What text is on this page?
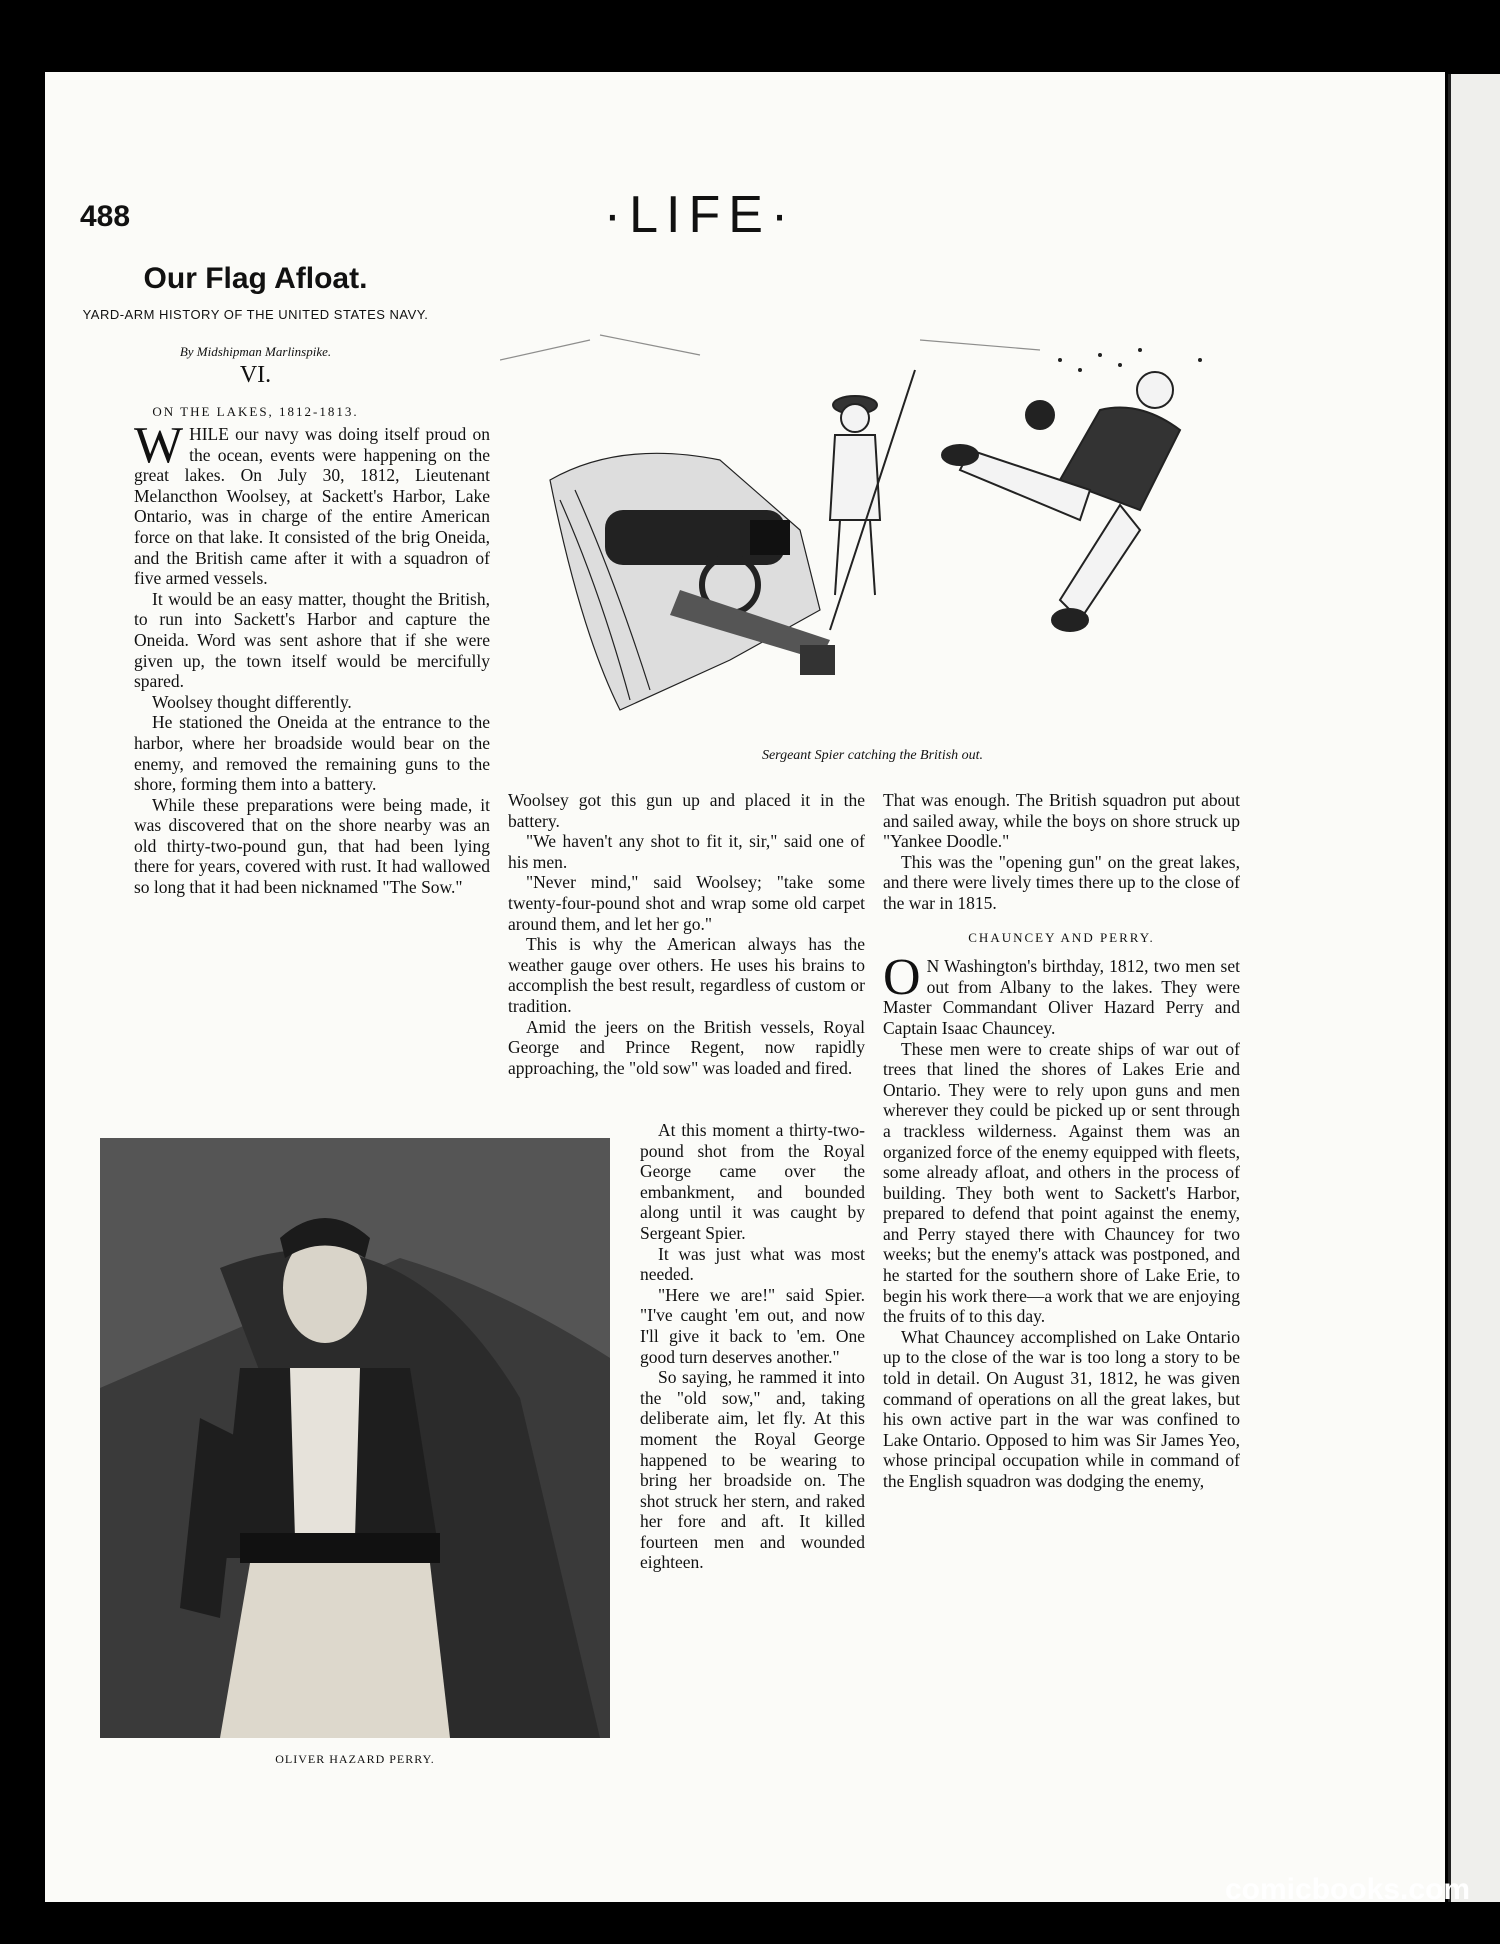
488	·LIFE·
Our Flag Afloat.
YARD-ARM HISTORY OF THE UNITED STATES NAVY.
By Midshipman Marlinspike.
VI.
ON THE LAKES, 1812-1813.

WHILE our navy was doing itself proud on the ocean, events were happening on the great lakes. On July 30, 1812, Lieutenant Melancthon Woolsey, at Sackett's Harbor, Lake Ontario, was in charge of the entire American force on that lake. It consisted of the brig Oneida, and the British came after it with a squadron of five armed vessels.

It would be an easy matter, thought the British, to run into Sackett's Harbor and capture the Oneida. Word was sent ashore that if she were given up, the town itself would be mercifully spared.

Woolsey thought differently.

He stationed the Oneida at the entrance to the harbor, where her broadside would bear on the enemy, and removed the remaining guns to the shore, forming them into a battery.

While these preparations were being made, it was discovered that on the shore nearby was an old thirty-two-pound gun, that had been lying there for years, covered with rust. It had wallowed so long that it had been nicknamed "The Sow."

Sergeant Spier catching the British out.

Woolsey got this gun up and placed it in the battery.

"We haven't any shot to fit it, sir," said one of his men.

"Never mind," said Woolsey; "take some twenty-four-pound shot and wrap some old carpet around them, and let her go."

This is why the American always has the weather gauge over others. He uses his brains to accomplish the best result, regardless of custom or tradition.

Amid the jeers on the British vessels, Royal George and Prince Regent, now rapidly approaching, the "old sow" was loaded and fired.

At this moment a thirty-two-pound shot from the Royal George came over the embankment, and bounded along until it was caught by Sergeant Spier.

It was just what was most needed.

"Here we are!" said Spier. "I've caught 'em out, and now I'll give it back to 'em. One good turn deserves another."

So saying, he rammed it into the "old sow," and, taking deliberate aim, let fly. At this moment the Royal George happened to be wearing to bring her broadside on. The shot struck her stern, and raked her fore and aft. It killed fourteen men and wounded eighteen.

That was enough. The British squadron put about and sailed away, while the boys on shore struck up "Yankee Doodle."

This was the "opening gun" on the great lakes, and there were lively times there up to the close of the war in 1815.

CHAUNCEY AND PERRY.

O N Washington's birthday, 1812, two men set out from Albany to the lakes. They were Master Commandant Oliver Hazard Perry and Captain Isaac Chauncey.

These men were to create ships of war out of trees that lined the shores of Lakes Erie and Ontario. They were to rely upon guns and men wherever they could be picked up or sent through a trackless wilderness. Against them was an organized force of the enemy equipped with fleets, some already afloat, and others in the process of building. They both went to Sackett's Harbor, prepared to defend that point against the enemy, and Perry stayed there with Chauncey for two weeks; but the enemy's attack was postponed, and he started for the southern shore of Lake Erie, to begin his work there—a work that we are enjoying the fruits of to this day.

What Chauncey accomplished on Lake Ontario up to the close of the war is too long a story to be told in detail. On August 31, 1812, he was given command of operations on all the great lakes, but his own active part in the war was confined to Lake Ontario. Opposed to him was Sir James Yeo, whose principal occupation while in command of the English squadron was dodging the enemy,

OLIVER HAZARD PERRY.
comicbooks.com
